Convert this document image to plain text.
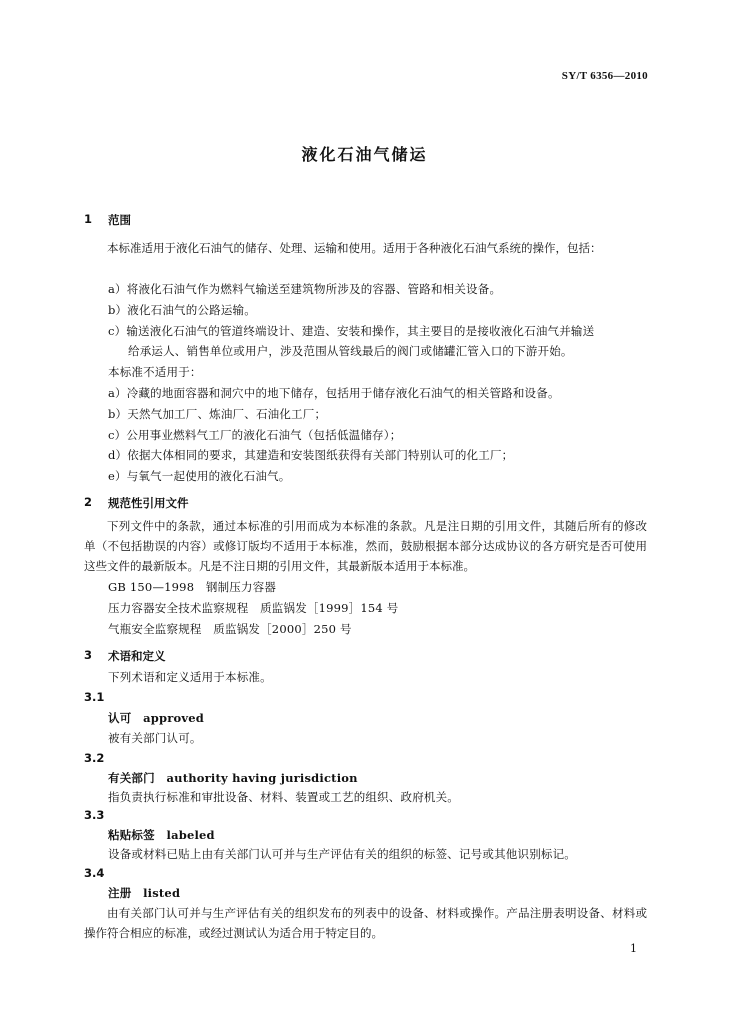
SY/T 6356—2010
液化石油气储运
1 范围
本标准适用于液化石油气的储存、处理、运输和使用。适用于各种液化石油气系统的操作，包括：
a）将液化石油气作为燃料气输送至建筑物所涉及的容器、管路和相关设备。
b）液化石油气的公路运输。
c）输送液化石油气的管道终端设计、建造、安装和操作，其主要目的是接收液化石油气并输送
给承运人、销售单位或用户，涉及范围从管线最后的阀门或储罐汇管入口的下游开始。
本标准不适用于：
a）冷藏的地面容器和洞穴中的地下储存，包括用于储存液化石油气的相关管路和设备。
b）天然气加工厂、炼油厂、石油化工厂；
c）公用事业燃料气工厂的液化石油气（包括低温储存）；
d）依据大体相同的要求，其建造和安装图纸获得有关部门特别认可的化工厂；
e）与氧气一起使用的液化石油气。
2 规范性引用文件
下列文件中的条款，通过本标准的引用而成为本标准的条款。凡是注日期的引用文件，其随后所有的修改单（不包括勘误的内容）或修订版均不适用于本标准，然而，鼓励根据本部分达成协议的各方研究是否可使用这些文件的最新版本。凡是不注日期的引用文件，其最新版本适用于本标准。
GB 150—1998　钢制压力容器
压力容器安全技术监察规程　质监锅发［1999］154 号
气瓶安全监察规程　质监锅发［2000］250 号
3 术语和定义
下列术语和定义适用于本标准。
3.1
认可　approved
被有关部门认可。
3.2
有关部门　authority having jurisdiction
指负责执行标准和审批设备、材料、装置或工艺的组织、政府机关。
3.3
粘贴标签　labeled
设备或材料已贴上由有关部门认可并与生产评估有关的组织的标签、记号或其他识别标记。
3.4
注册　listed
由有关部门认可并与生产评估有关的组织发布的列表中的设备、材料或操作。产品注册表明设备、材料或操作符合相应的标准，或经过测试认为适合用于特定目的。
1
